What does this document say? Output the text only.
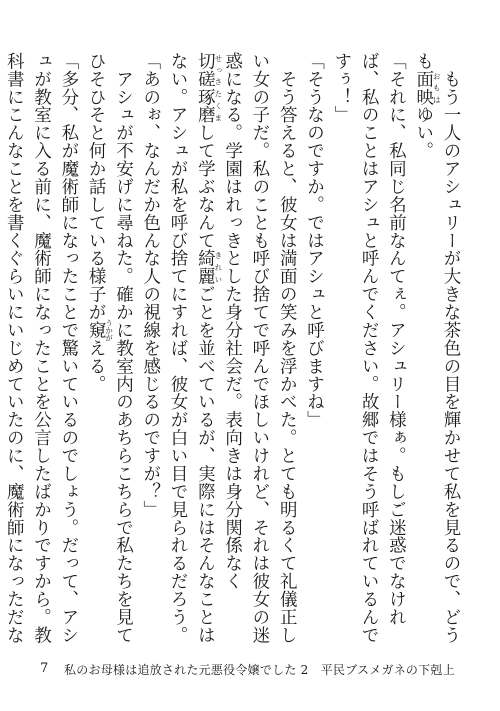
　もう一人のアシュリーが大きな茶色の目を輝かせて私を見るので、どうも面映おもはゆい。

「それに、私同じ名前なんてぇ。アシュリー様ぁ。もしご迷惑でなければ、私のことはアシュと呼んでください。故郷ではそう呼ばれているんですぅ！」

「そうなのですか。ではアシュと呼びますね」

　そう答えると、彼女は満面の笑みを浮かべた。とても明るくて礼儀正しい女の子だ。私のことも呼び捨てで呼んでほしいけれど、それは彼女の迷惑になる。学園はれっきとした身分社会だ。表向きは身分関係なく切磋琢磨せっさたくまして学ぶなんて綺麗きれいごとを並べているが、実際にはそんなことはない。アシュが私を呼び捨てにすれば、彼女が白い目で見られるだろう。

「あのぉ、なんだか色んな人の視線を感じるのですが？」

　アシュが不安げに尋ねた。確かに教室内のあちらこちらで私たちを見てひそひそと何か話している様子が窺うかがえる。

「多分、私が魔術師になったことで驚いているのでしょう。だって、アシュが教室に入る前に、魔術師になったことを公言したばかりですから。教科書にこんなことを書くぐらいにいじめていたのに、魔術師になっただな

7 私のお母様は追放された元悪役令嬢でした 2　平民ブスメガネの下剋上
